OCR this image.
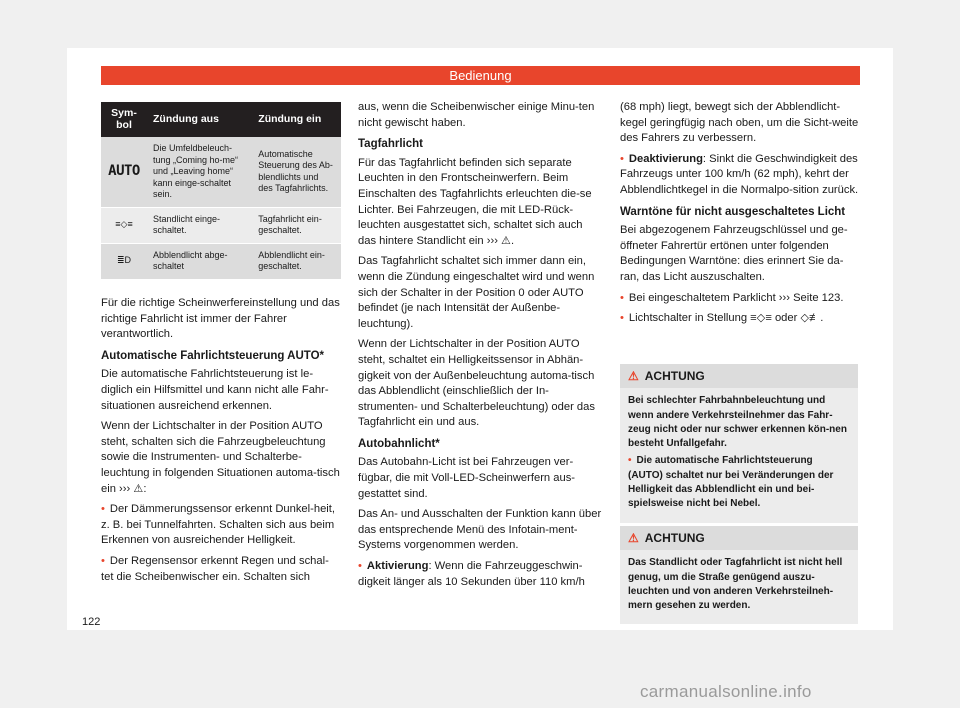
Bedienung
Sym-bol	Zündung aus	Zündung ein
AUTO	Die Umfeldbeleuch-tung „Coming ho-me“ und „Leaving home“ kann einge-schaltet sein.	Automatische Steuerung des Ab-blendlichts und des Tagfahrlichts.
≡◇≡	Standlicht einge-schaltet.	Tagfahrlicht ein-geschaltet.
≣D	Abblendlicht abge-schaltet	Abblendlicht ein-geschaltet.

Für die richtige Scheinwerfereinstellung und das richtige Fahrlicht ist immer der Fahrer verantwortlich.

Automatische Fahrlichtsteuerung AUTO*

Die automatische Fahrlichtsteuerung ist le-diglich ein Hilfsmittel und kann nicht alle Fahr-situationen ausreichend erkennen.

Wenn der Lichtschalter in der Position AUTO steht, schalten sich die Fahrzeugbeleuchtung sowie die Instrumenten- und Schalterbe-leuchtung in folgenden Situationen automa-tisch ein ››› ⚠:

• Der Dämmerungssensor erkennt Dunkel-heit, z. B. bei Tunnelfahrten. Schalten sich aus beim Erkennen von ausreichender Helligkeit.

• Der Regensensor erkennt Regen und schal-tet die Scheibenwischer ein. Schalten sich

aus, wenn die Scheibenwischer einige Minu-ten nicht gewischt haben.

Tagfahrlicht

Für das Tagfahrlicht befinden sich separate Leuchten in den Frontscheinwerfern. Beim Einschalten des Tagfahrlichts erleuchten die-se Lichter. Bei Fahrzeugen, die mit LED-Rück-leuchten ausgestattet sich, schaltet sich auch das hintere Standlicht ein ››› ⚠.

Das Tagfahrlicht schaltet sich immer dann ein, wenn die Zündung eingeschaltet wird und wenn sich der Schalter in der Position 0 oder AUTO befindet (je nach Intensität der Außenbe-leuchtung).

Wenn der Lichtschalter in der Position AUTO steht, schaltet ein Helligkeitssensor in Abhän-gigkeit von der Außenbeleuchtung automa-tisch das Abblendlicht (einschließlich der In-strumenten- und Schalterbeleuchtung) oder das Tagfahrlicht ein und aus.

Autobahnlicht*

Das Autobahn-Licht ist bei Fahrzeugen ver-fügbar, die mit Voll-LED-Scheinwerfern aus-gestattet sind.

Das An- und Ausschalten der Funktion kann über das entsprechende Menü des Infotain-ment-Systems vorgenommen werden.

• Aktivierung: Wenn die Fahrzeuggeschwin-digkeit länger als 10 Sekunden über 110 km/h

(68 mph) liegt, bewegt sich der Abblendlicht-kegel geringfügig nach oben, um die Sicht-weite des Fahrers zu verbessern.

• Deaktivierung: Sinkt die Geschwindigkeit des Fahrzeugs unter 100 km/h (62 mph), kehrt der Abblendlichtkegel in die Normalpo-sition zurück.

Warntöne für nicht ausgeschaltetes Licht

Bei abgezogenem Fahrzeugschlüssel und ge-öffneter Fahrertür ertönen unter folgenden Bedingungen Warntöne: dies erinnert Sie da-ran, das Licht auszuschalten.

• Bei eingeschaltetem Parklicht ››› Seite 123.

• Lichtschalter in Stellung ≡◇≡ oder ◇≢.

⚠ ACHTUNG

Bei schlechter Fahrbahnbeleuchtung und wenn andere Verkehrsteilnehmer das Fahr-zeug nicht oder nur schwer erkennen kön-nen besteht Unfallgefahr.

• Die automatische Fahrlichtsteuerung (AUTO) schaltet nur bei Veränderungen der Helligkeit das Abblendlicht ein und bei-spielsweise nicht bei Nebel.

⚠ ACHTUNG

Das Standlicht oder Tagfahrlicht ist nicht hell genug, um die Straße genügend auszu-leuchten und von anderen Verkehrsteilneh-mern gesehen zu werden.

122
carmanualsonline.info
